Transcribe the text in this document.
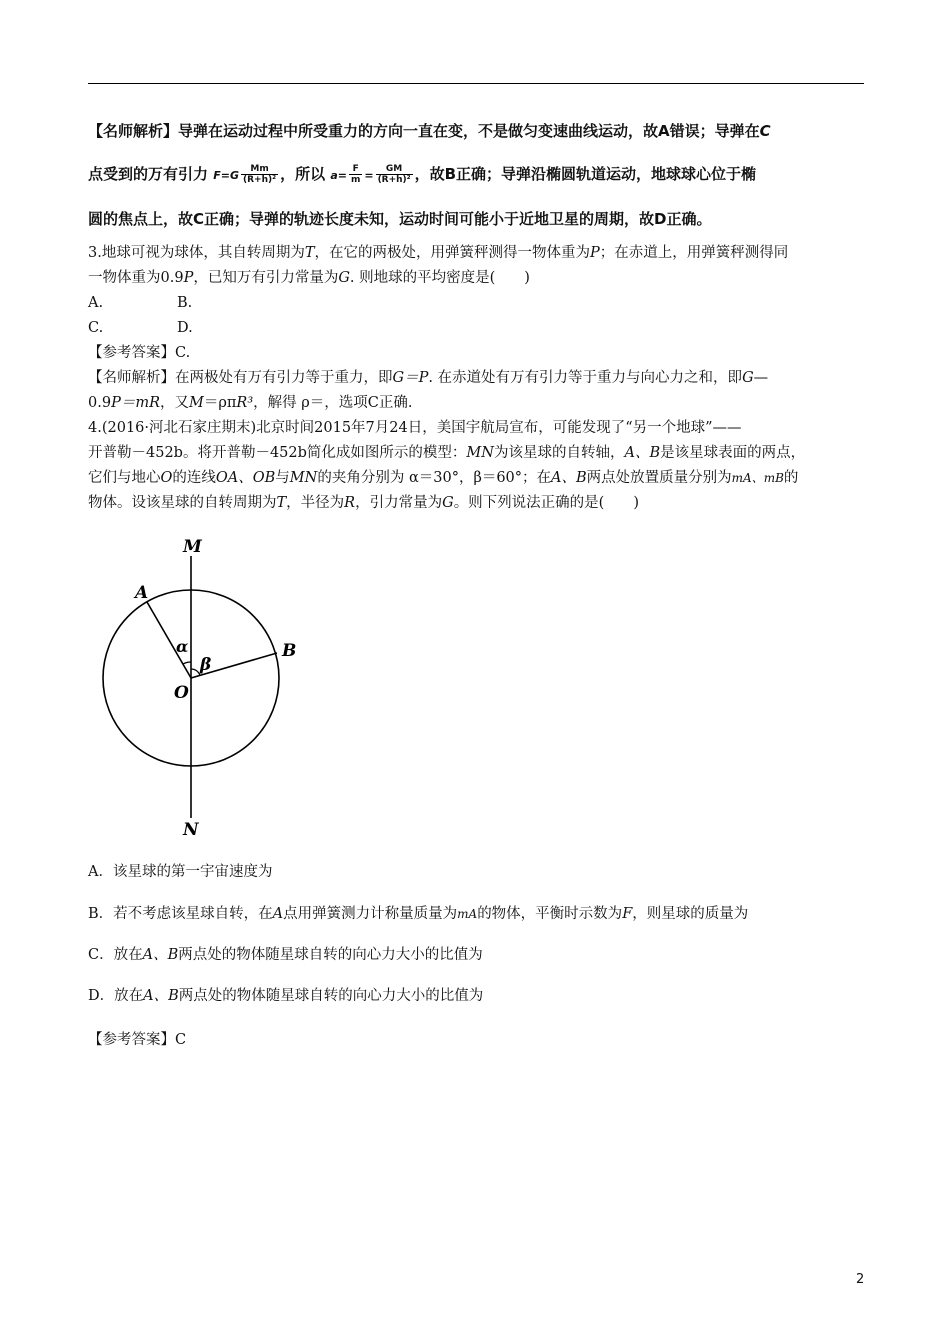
【名师解析】导弹在运动过程中所受重力的方向一直在变，不是做匀变速曲线运动，故A错误；导弹在C
点受到的万有引力 $F=G \frac{Mm}{\text{(R+h)²}}$ ，所以 $a= \frac{F}{m} = \frac{GM}{\text{(R+h)²}}$ ，故B正确；导弹沿椭圆轨道运动，地球球心位于椭
圆的焦点上，故C正确；导弹的轨迹长度未知，运动时间可能小于近地卫星的周期，故D正确。
3.地球可视为球体，其自转周期为T，在它的两极处，用弹簧秤测得一物体重为P；在赤道上，用弹簧秤测得同
一物体重为0.9P，已知万有引力常量为G. 则地球的平均密度是(　　)
A.	B.
C.	D.
【参考答案】C.
【名师解析】在两极处有万有引力等于重力，即G＝P. 在赤道处有万有引力等于重力与向心力之和，即G—
0.9P＝mR，又M＝ρπR³，解得 ρ＝，选项C正确.
4.(2016·河北石家庄期末)北京时间2015年7月24日，美国宇航局宣布，可能发现了“另一个地球”——
开普勒－452b。将开普勒－452b简化成如图所示的模型：MN为该星球的自转轴，A、B是该星球表面的两点，
它们与地心O的连线OA、OB与MN的夹角分别为 α＝30°，β＝60°；在A、B两点处放置质量分别为mA、mB的
物体。设该星球的自转周期为T，半径为R，引力常量为G。则下列说法正确的是(　　)
M
N
A
B
O
α
β
A．该星球的第一宇宙速度为
B．若不考虑该星球自转，在A点用弹簧测力计称量质量为mA的物体，平衡时示数为F，则星球的质量为
C．放在A、B两点处的物体随星球自转的向心力大小的比值为
D．放在A、B两点处的物体随星球自转的向心力大小的比值为
【参考答案】C
2
